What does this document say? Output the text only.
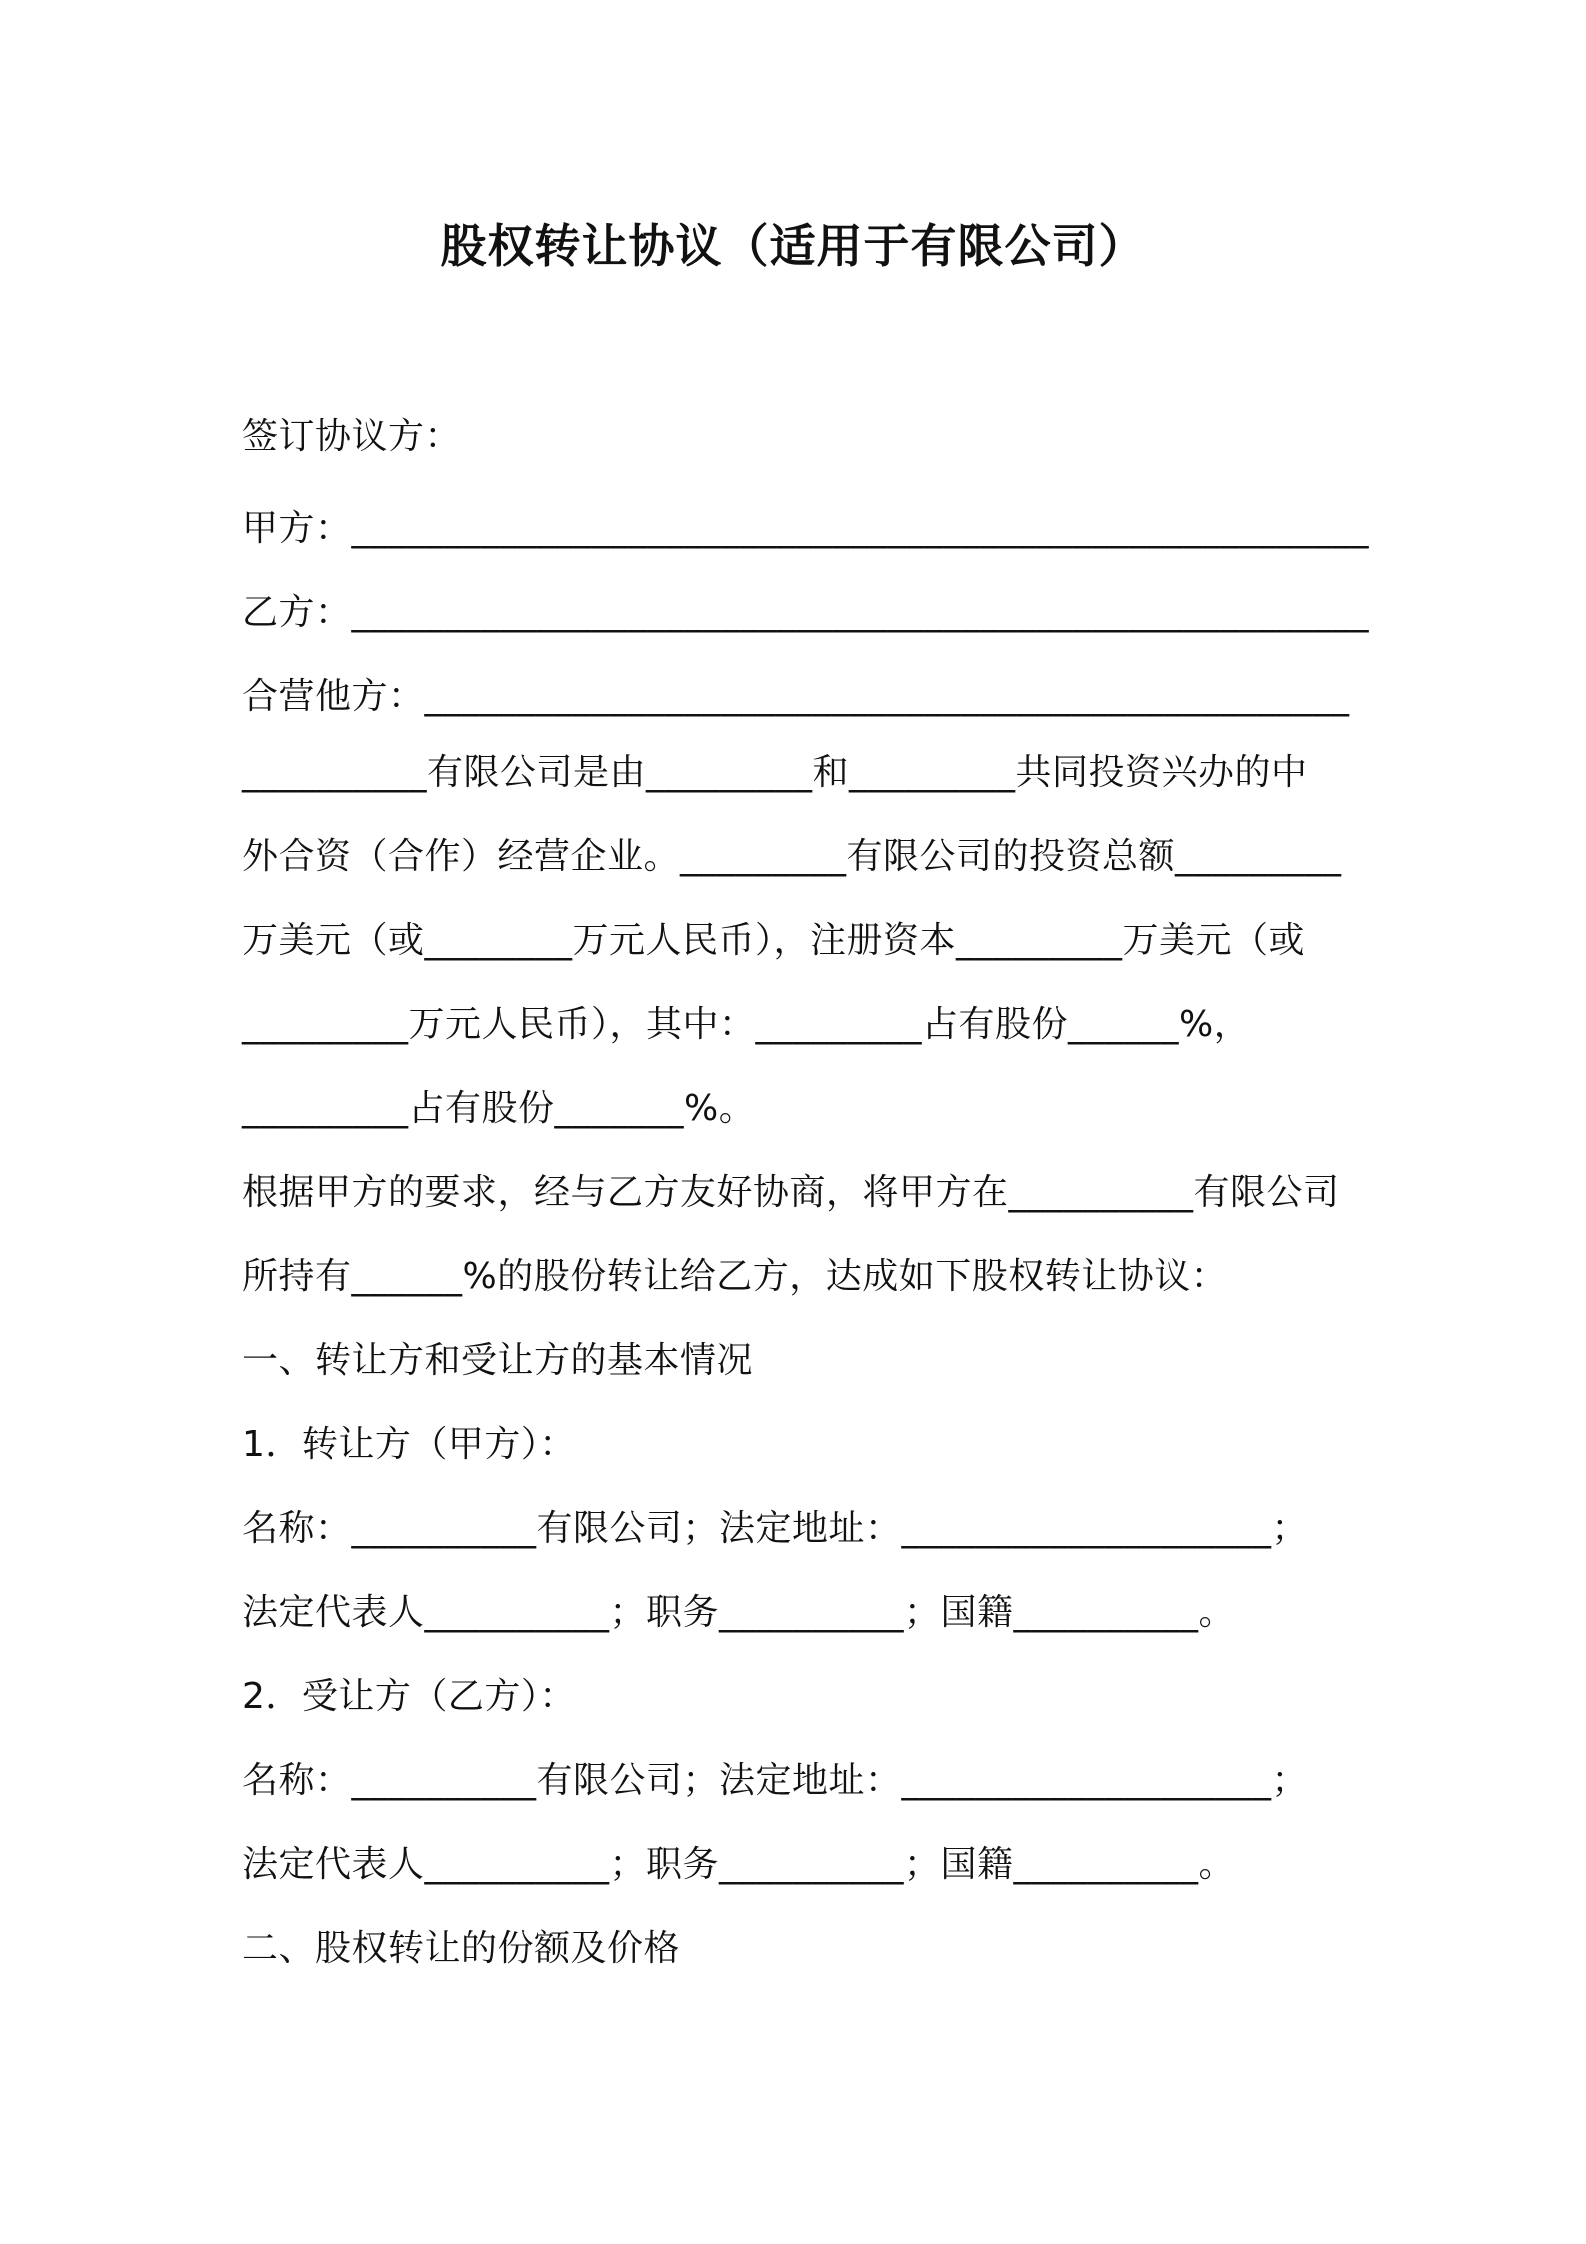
股权转让协议（适用于有限公司）
签订协议方：
甲方：_______________________________________________________
乙方：_______________________________________________________
合营他方：__________________________________________________
__________有限公司是由_________和_________共同投资兴办的中
外合资（合作）经营企业。_________有限公司的投资总额_________
万美元（或________万元人民币），注册资本_________万美元（或
_________万元人民币），其中：_________占有股份______%，
_________占有股份_______%。
根据甲方的要求，经与乙方友好协商，将甲方在__________有限公司
所持有______%的股份转让给乙方，达成如下股权转让协议：
一、转让方和受让方的基本情况
1．转让方（甲方）：
名称：__________有限公司；法定地址：____________________；
法定代表人__________；职务__________；国籍__________。
2．受让方（乙方）：
名称：__________有限公司；法定地址：____________________；
法定代表人__________；职务__________；国籍__________。
二、股权转让的份额及价格
